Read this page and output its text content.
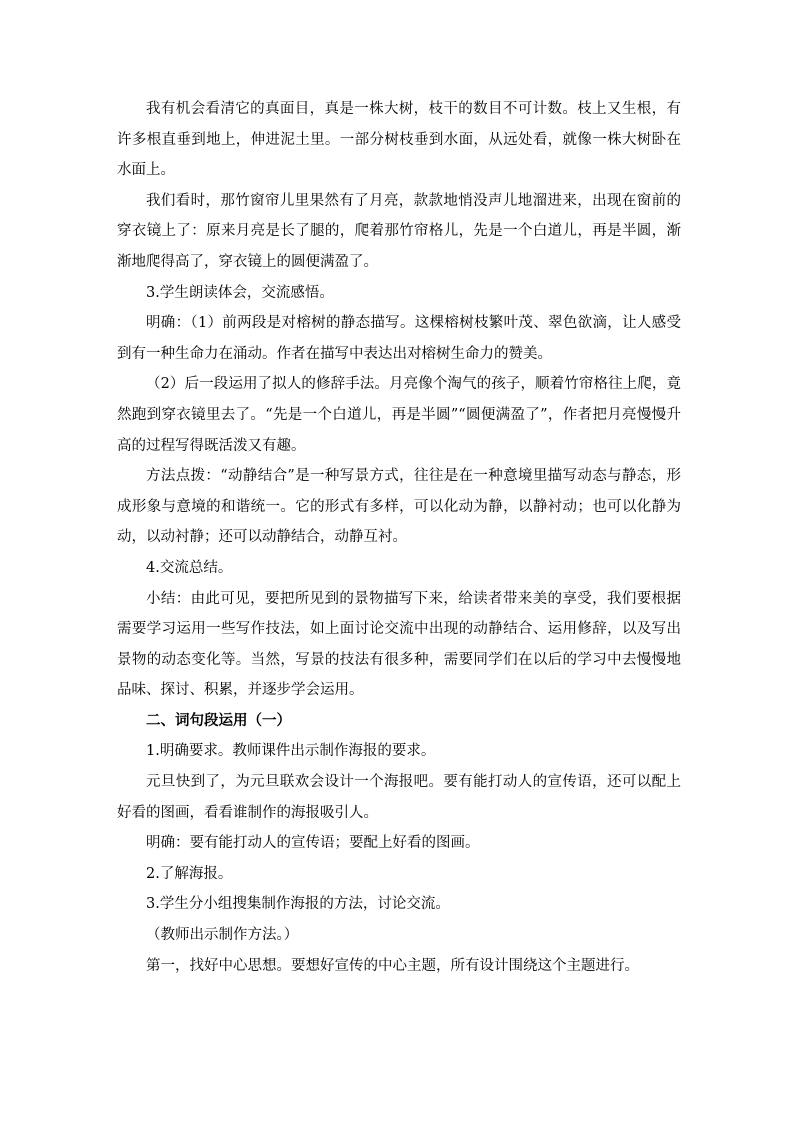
我有机会看清它的真面目，真是一株大树，枝干的数目不可计数。枝上又生根，有许多根直垂到地上，伸进泥土里。一部分树枝垂到水面，从远处看，就像一株大树卧在水面上。

我们看时，那竹窗帘儿里果然有了月亮，款款地悄没声儿地溜进来，出现在窗前的穿衣镜上了：原来月亮是长了腿的，爬着那竹帘格儿，先是一个白道儿，再是半圆，渐渐地爬得高了，穿衣镜上的圆便满盈了。

3.学生朗读体会，交流感悟。

明确：（1）前两段是对榕树的静态描写。这棵榕树枝繁叶茂、翠色欲滴，让人感受到有一种生命力在涌动。作者在描写中表达出对榕树生命力的赞美。

（2）后一段运用了拟人的修辞手法。月亮像个淘气的孩子，顺着竹帘格往上爬，竟然跑到穿衣镜里去了。“先是一个白道儿，再是半圆”“圆便满盈了”，作者把月亮慢慢升高的过程写得既活泼又有趣。

方法点拨：“动静结合”是一种写景方式，往往是在一种意境里描写动态与静态，形成形象与意境的和谐统一。它的形式有多样，可以化动为静，以静衬动；也可以化静为动，以动衬静；还可以动静结合，动静互衬。

4.交流总结。

小结：由此可见，要把所见到的景物描写下来，给读者带来美的享受，我们要根据需要学习运用一些写作技法，如上面讨论交流中出现的动静结合、运用修辞，以及写出景物的动态变化等。当然，写景的技法有很多种，需要同学们在以后的学习中去慢慢地品味、探讨、积累，并逐步学会运用。

二、词句段运用（一）

1.明确要求。教师课件出示制作海报的要求。

元旦快到了，为元旦联欢会设计一个海报吧。要有能打动人的宣传语，还可以配上好看的图画，看看谁制作的海报吸引人。

明确：要有能打动人的宣传语；要配上好看的图画。

2.了解海报。

3.学生分小组搜集制作海报的方法，讨论交流。

（教师出示制作方法。）

第一，找好中心思想。要想好宣传的中心主题，所有设计围绕这个主题进行。
